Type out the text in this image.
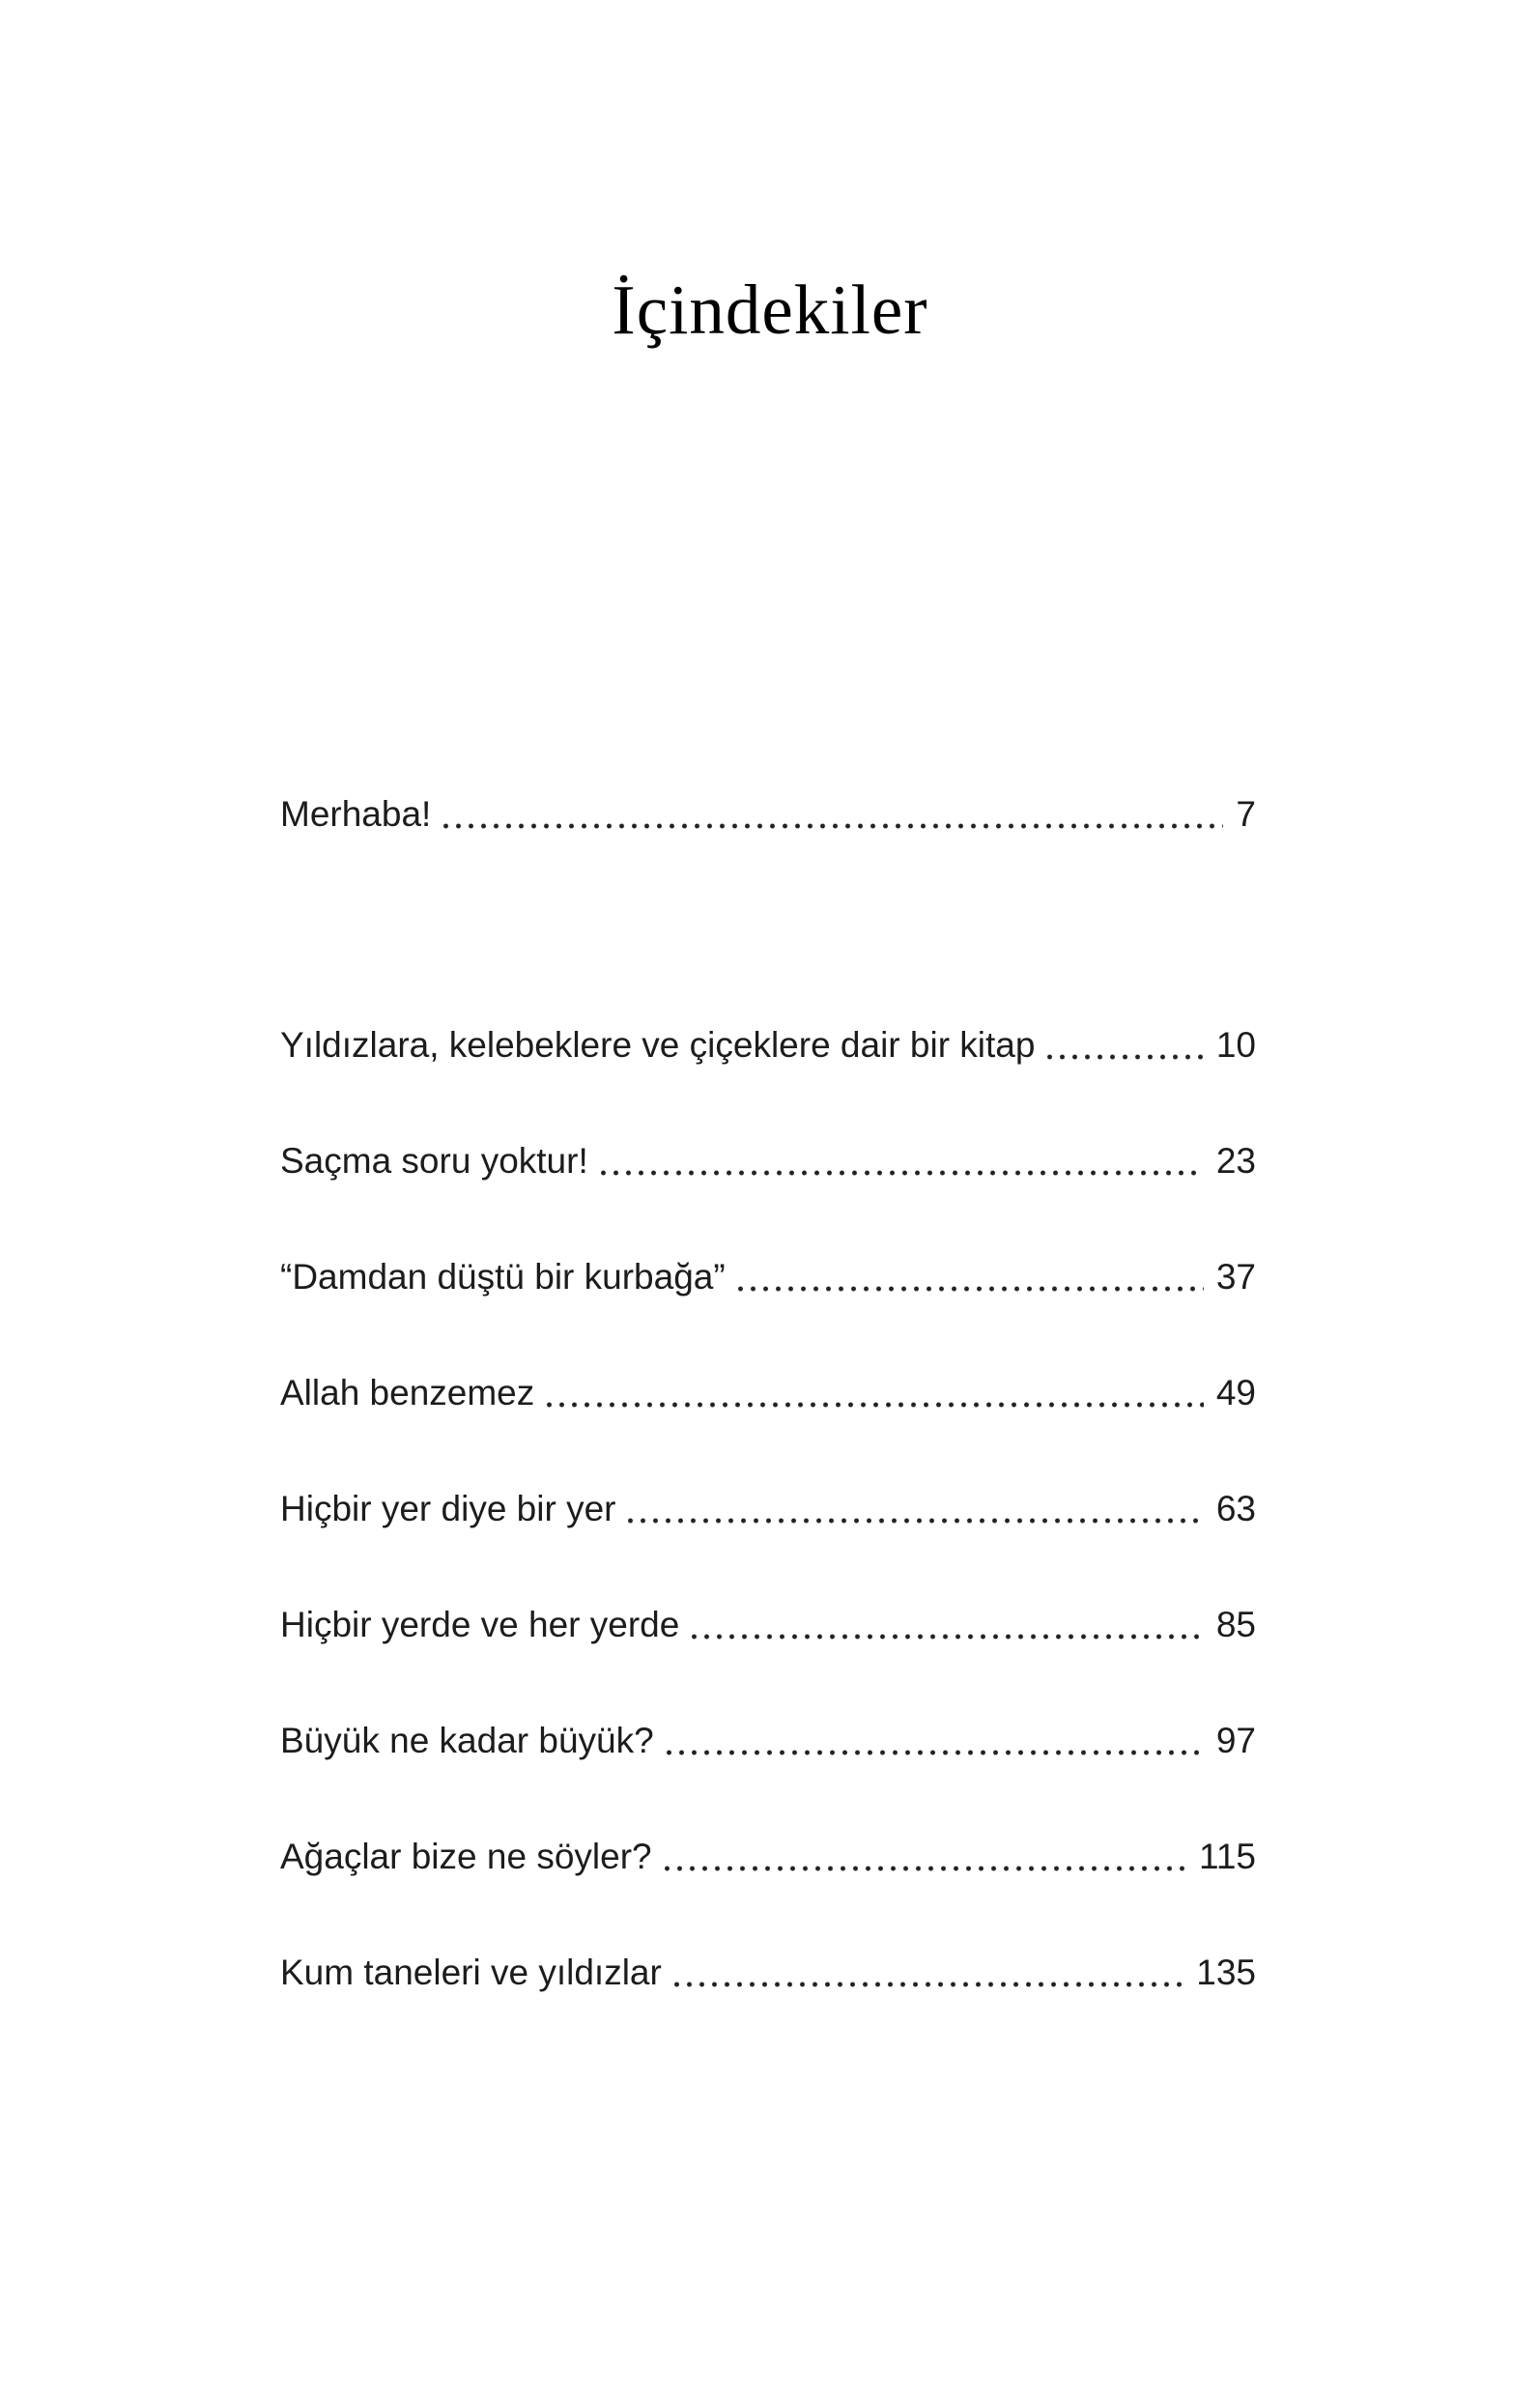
İçindekiler
Merhaba!	7
Yıldızlara, kelebeklere ve çiçeklere dair bir kitap	10
Saçma soru yoktur!	23
“Damdan düştü bir kurbağa”	37
Allah benzemez	49
Hiçbir yer diye bir yer	63
Hiçbir yerde ve her yerde	85
Büyük ne kadar büyük?	97
Ağaçlar bize ne söyler?	115
Kum taneleri ve yıldızlar	135
